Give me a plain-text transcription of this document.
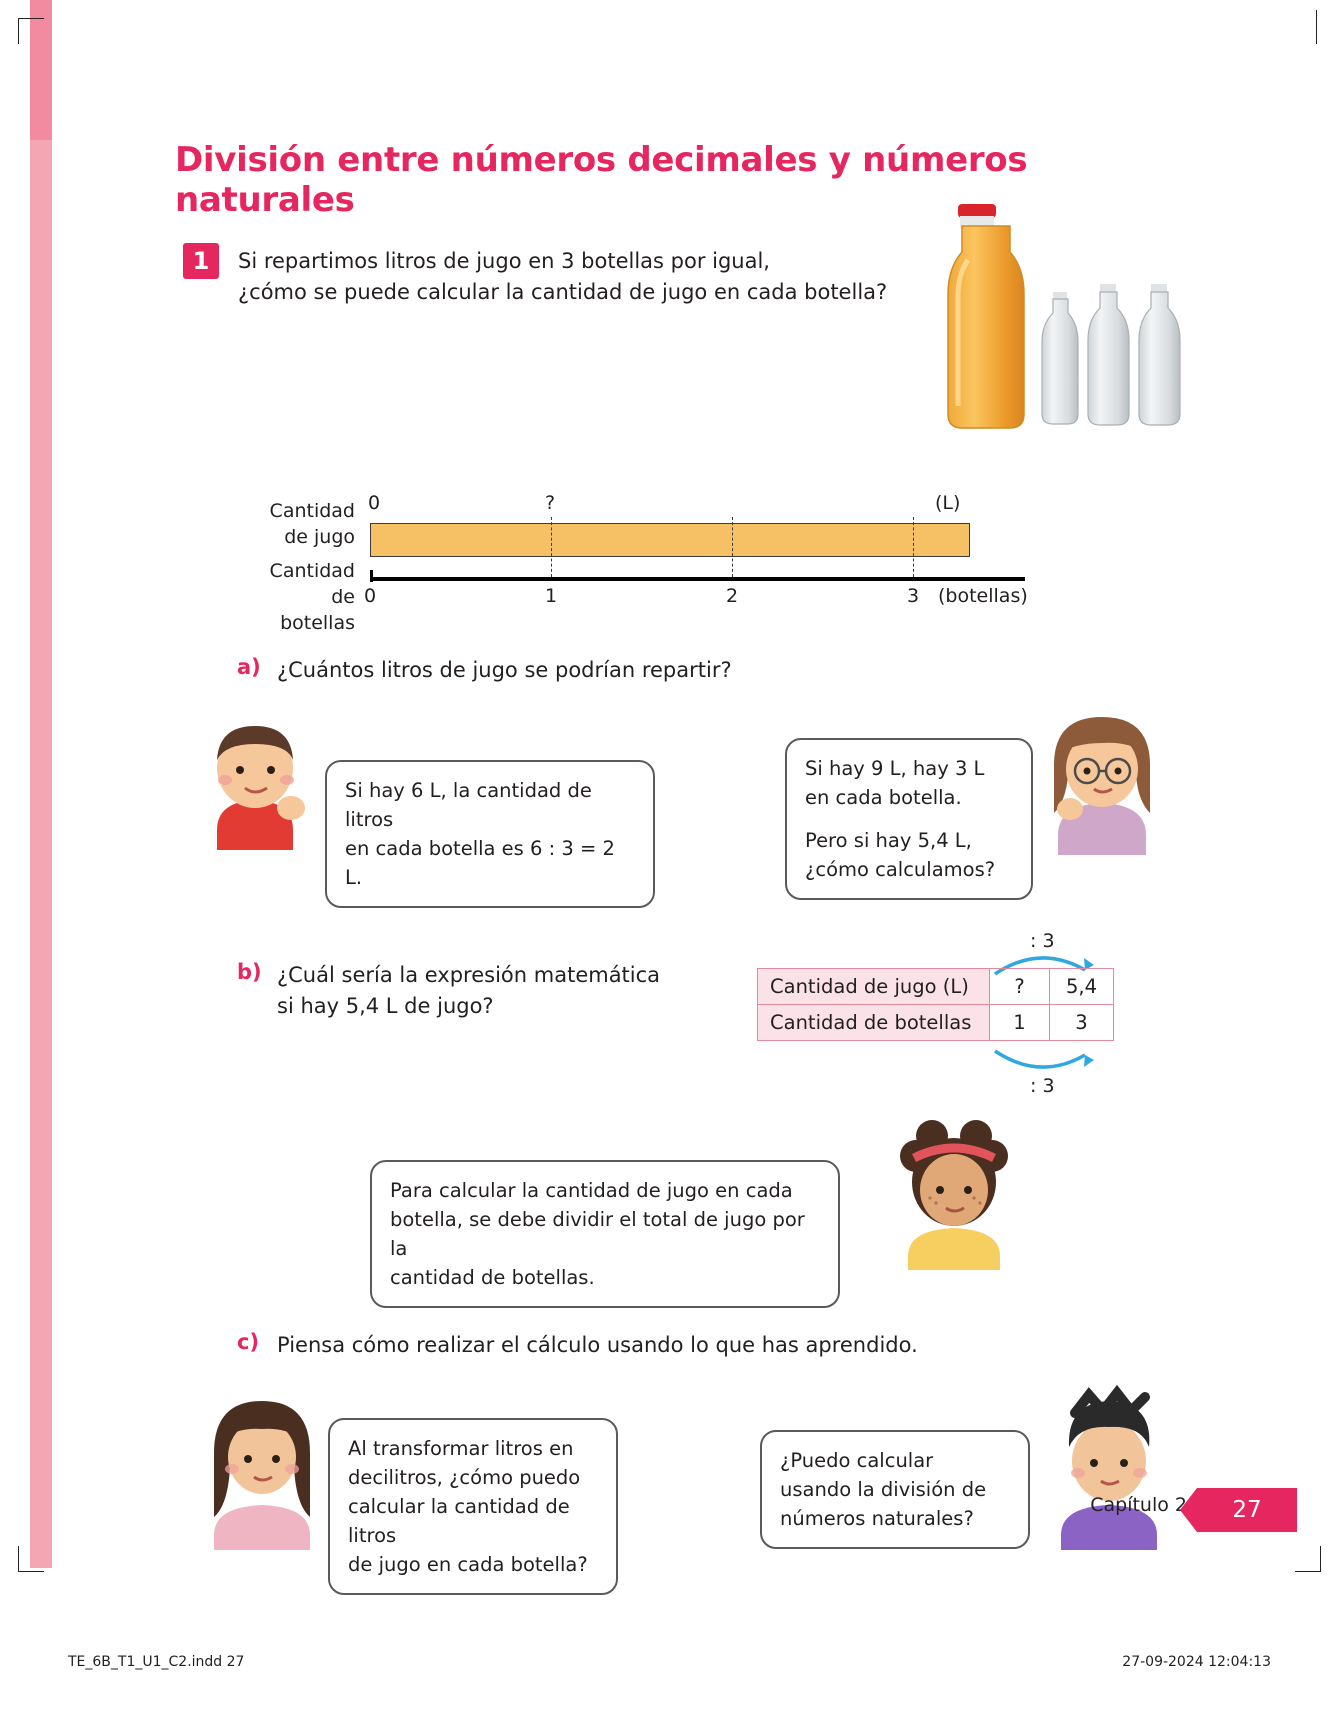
División entre números decimales y números naturales
1	Si repartimos litros de jugo en 3 botellas por igual,
¿cómo se puede calcular la cantidad de jugo en cada botella?
Cantidad
de jugo
Cantidad
de botellas
0	?	(L)
0	1	2	3 (botellas)
a) ¿Cuántos litros de jugo se podrían repartir?

Si hay 6 L, la cantidad de litros

en cada botella es 6 : 3 = 2 L.

Si hay 9 L, hay 3 L
en cada botella.

Pero si hay 5,4 L,
¿cómo calculamos?

b) ¿Cuál sería la expresión matemática
si hay 5,4 L de jugo?
: 3
: 3
Cantidad de jugo (L)	?	5,4
Cantidad de botellas	1	3

Para calcular la cantidad de jugo en cada

botella, se debe dividir el total de jugo por la

cantidad de botellas.

c) Piensa cómo realizar el cálculo usando lo que has aprendido.

Al transformar litros en

decilitros, ¿cómo puedo

calcular la cantidad de litros

de jugo en cada botella?

¿Puedo calcular

usando la división de

números naturales?

Capítulo 2	27
TE_6B_T1_U1_C2.indd 27	27-09-2024 12:04:13
